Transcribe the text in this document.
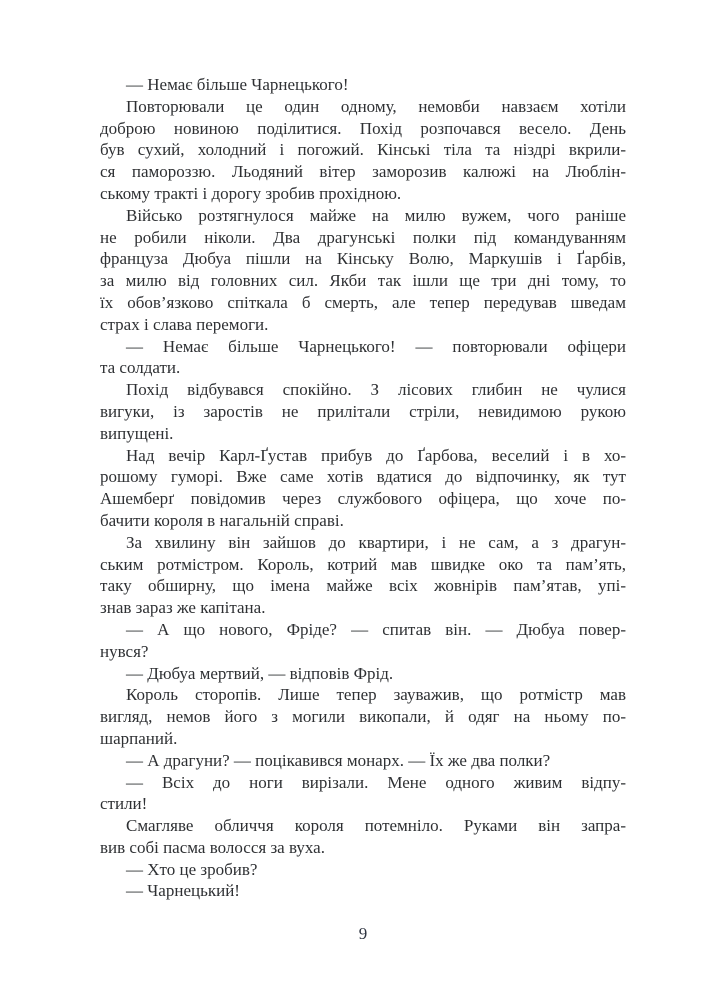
— Немає більше Чарнецького!

Повторювали це один одному, немовби навзаєм хотіли
доброю новиною поділитися. Похід розпочався весело. День
був сухий, холодний і погожий. Кінські тіла та ніздрі вкрили-
ся памороззю. Льодяний вітер заморозив калюжі на Люблін-
ському тракті і дорогу зробив прохідною.

Військо розтягнулося майже на милю вужем, чого раніше
не робили ніколи. Два драгунські полки під командуванням
француза Дюбуа пішли на Кінську Волю, Маркушів і Ґарбів,
за милю від головних сил. Якби так ішли ще три дні тому, то
їх обов’язково спіткала б смерть, але тепер передував шведам
страх і слава перемоги.

— Немає більше Чарнецького! — повторювали офіцери
та солдати.

Похід відбувався спокійно. З лісових глибин не чулися
вигуки, із заростів не прилітали стріли, невидимою рукою
випущені.

Над вечір Карл-Ґустав прибув до Ґарбова, веселий і в хо-
рошому гуморі. Вже саме хотів вдатися до відпочинку, як тут
Ашемберґ повідомив через службового офіцера, що хоче по-
бачити короля в нагальній справі.

За хвилину він зайшов до квартири, і не сам, а з драгун-
ським ротмістром. Король, котрий мав швидке око та пам’ять,
таку обширну, що імена майже всіх жовнірів пам’ятав, упі-
знав зараз же капітана.

— А що нового, Фріде? — спитав він. — Дюбуа повер-
нувся?

— Дюбуа мертвий, — відповів Фрід.

Король сторопів. Лише тепер зауважив, що ротмістр мав
вигляд, немов його з могили викопали, й одяг на ньому по-
шарпаний.

— А драгуни? — поцікавився монарх. — Їх же два полки?

— Всіх до ноги вирізали. Мене одного живим відпу-
стили!

Смагляве обличчя короля потемніло. Руками він запра-
вив собі пасма волосся за вуха.

— Хто це зробив?

— Чарнецький!

9
